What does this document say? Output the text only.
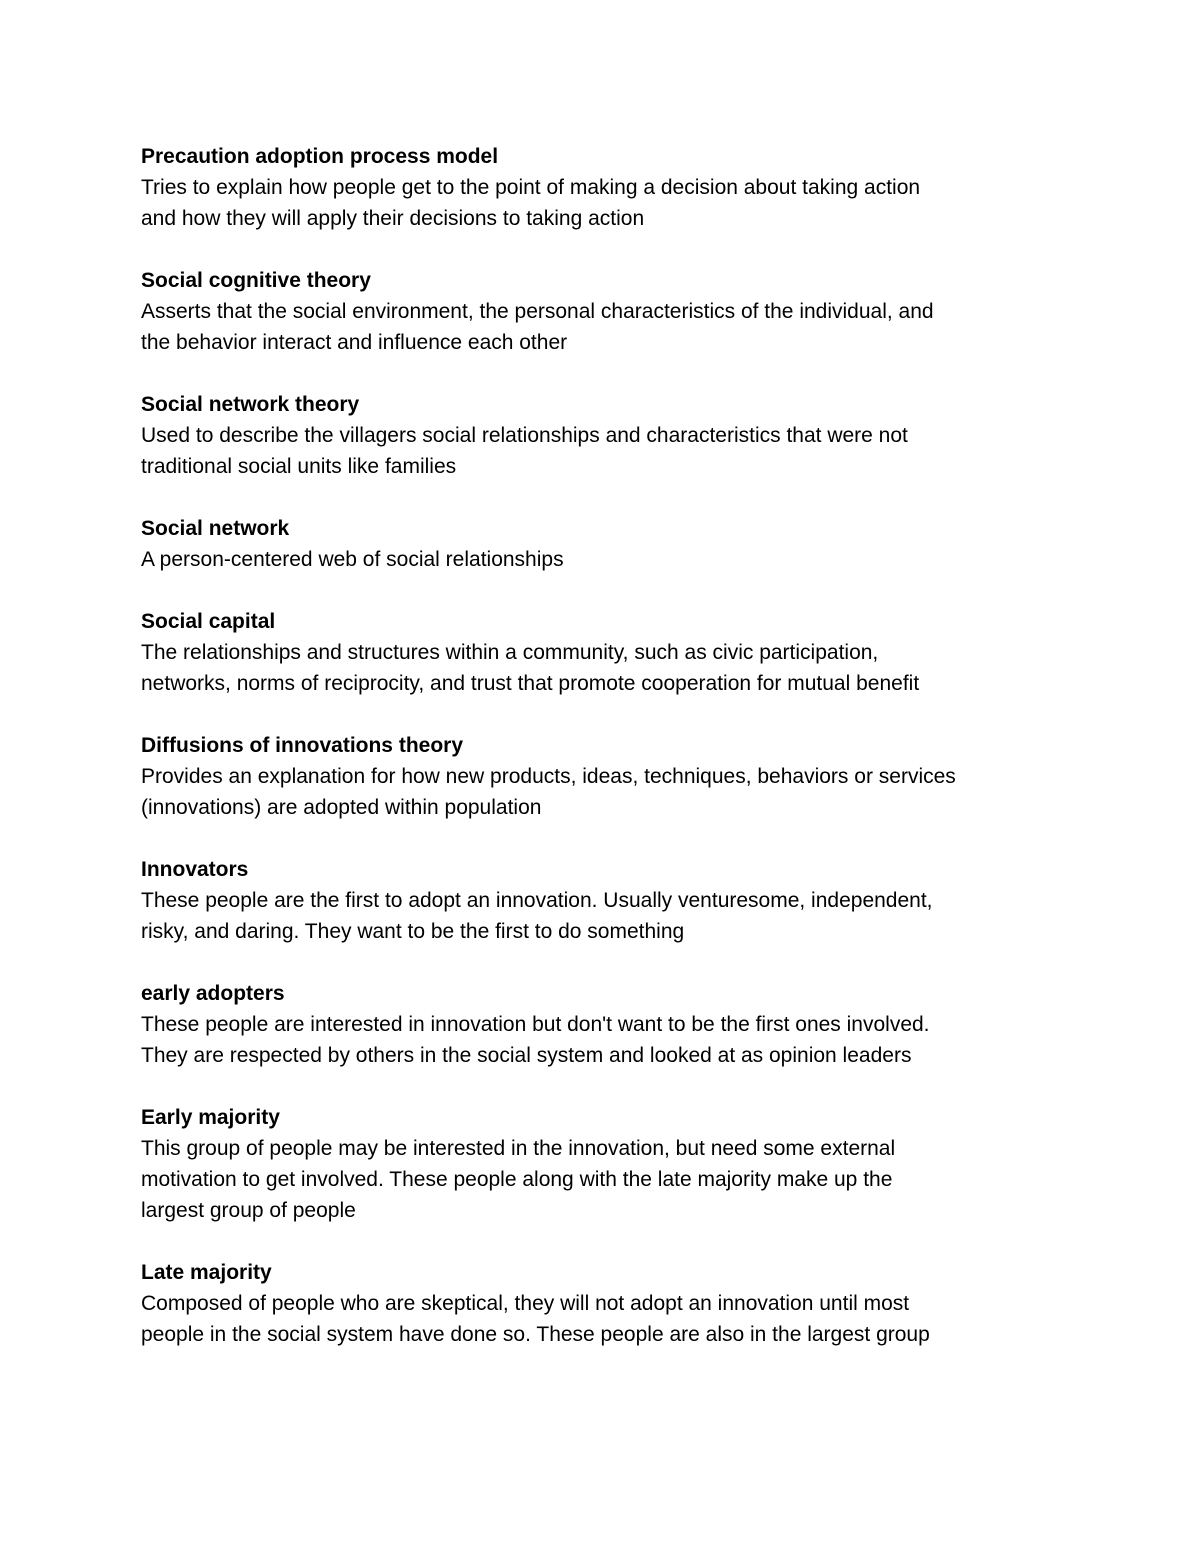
Precaution adoption process model
Tries to explain how people get to the point of making a decision about taking action
and how they will apply their decisions to taking action
Social cognitive theory
Asserts that the social environment, the personal characteristics of the individual, and
the behavior interact and influence each other
Social network theory
Used to describe the villagers social relationships and characteristics that were not
traditional social units like families
Social network
A person-centered web of social relationships
Social capital
The relationships and structures within a community, such as civic participation,
networks, norms of reciprocity, and trust that promote cooperation for mutual benefit
Diffusions of innovations theory
Provides an explanation for how new products, ideas, techniques, behaviors or services
(innovations) are adopted within population
Innovators
These people are the first to adopt an innovation. Usually venturesome, independent,
risky, and daring. They want to be the first to do something
early adopters
These people are interested in innovation but don't want to be the first ones involved.
They are respected by others in the social system and looked at as opinion leaders
Early majority
This group of people may be interested in the innovation, but need some external
motivation to get involved. These people along with the late majority make up the
largest group of people
Late majority
Composed of people who are skeptical, they will not adopt an innovation until most
people in the social system have done so. These people are also in the largest group
